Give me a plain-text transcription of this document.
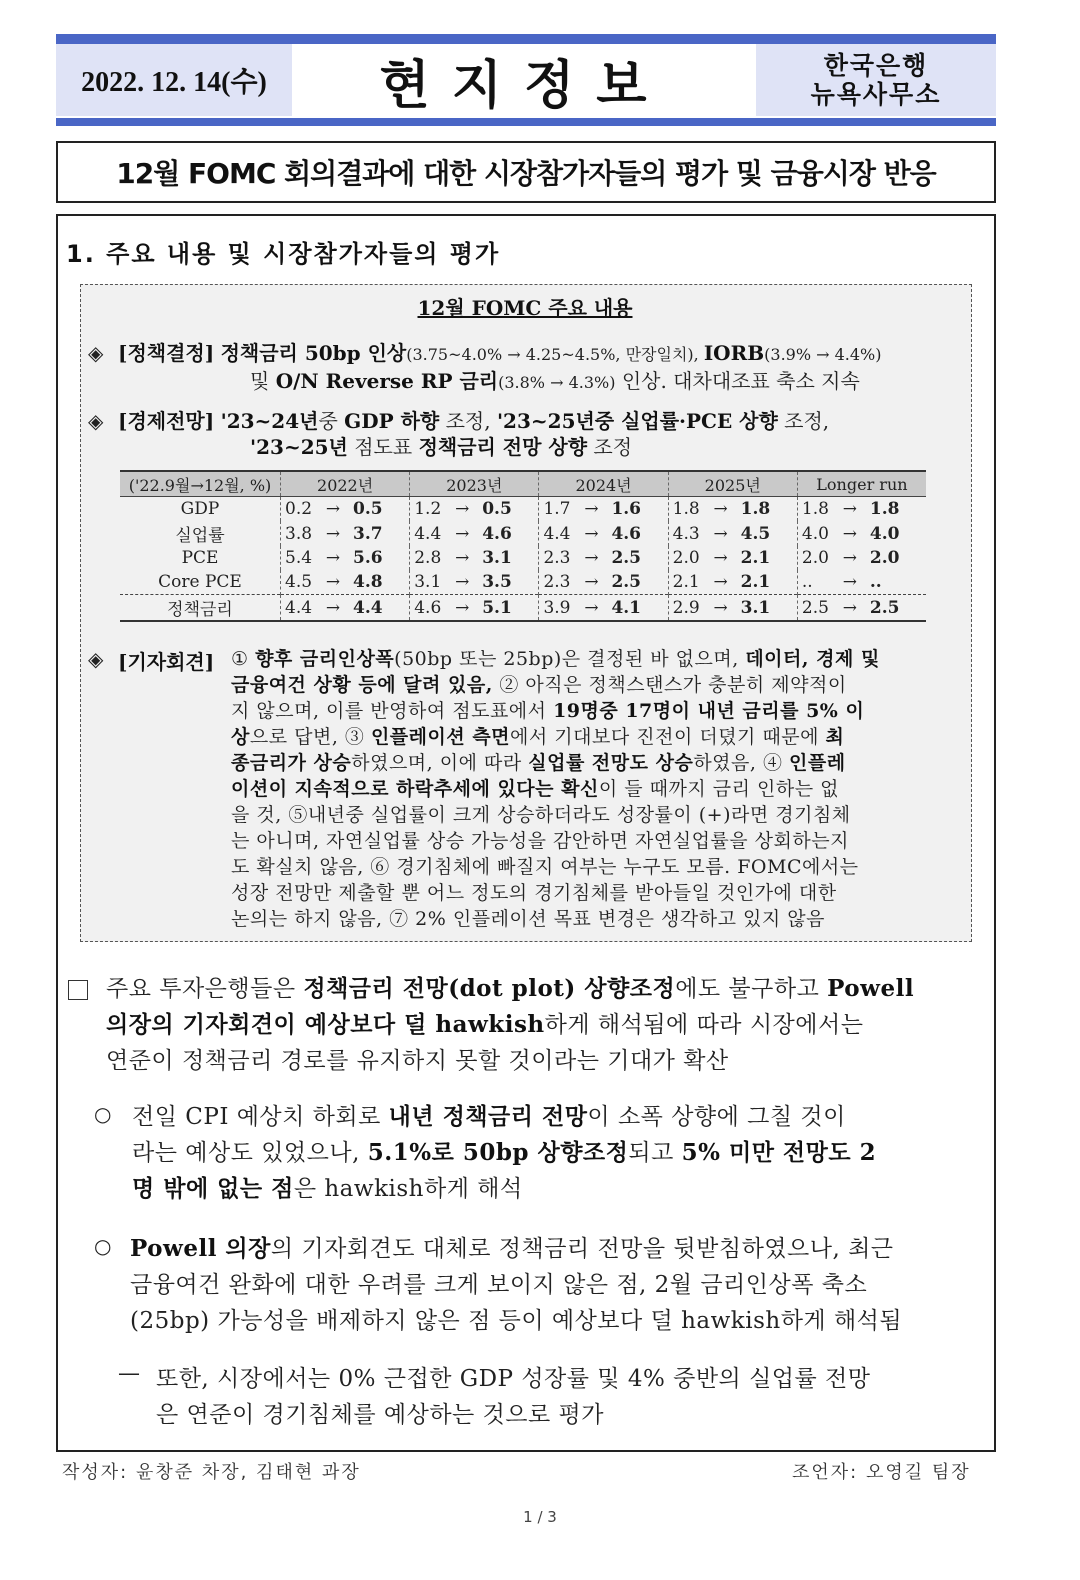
2022. 12. 14(수)	현지정보	한국은행
뉴욕사무소
12월 FOMC 회의결과에 대한 시장참가자들의 평가 및 금융시장 반응
1. 주요 내용 및 시장참가자들의 평가
12월 FOMC 주요 내용
◈ [정책결정] 정책금리 50bp 인상(3.75~4.0% → 4.25~4.5%, 만장일치), IORB(3.9% → 4.4%)
및 O/N Reverse RP 금리(3.8% → 4.3%) 인상. 대차대조표 축소 지속
◈ [경제전망] '23~24년중 GDP 하향 조정, '23~25년중 실업률·PCE 상향 조정,
'23~25년 점도표 정책금리 전망 상향 조정
('22.9월→12월, %)	2022년	2023년	2024년	2025년	Longer run
GDP	0.2 → 0.5	1.2 → 0.5	1.7 → 1.6	1.8 → 1.8	1.8 → 1.8
실업률	3.8 → 3.7	4.4 → 4.6	4.4 → 4.6	4.3 → 4.5	4.0 → 4.0
PCE	5.4 → 5.6	2.8 → 3.1	2.3 → 2.5	2.0 → 2.1	2.0 → 2.0
Core PCE	4.5 → 4.8	3.1 → 3.5	2.3 → 2.5	2.1 → 2.1	.. → ..
정책금리	4.4 → 4.4	4.6 → 5.1	3.9 → 4.1	2.9 → 3.1	2.5 → 2.5
◈ [기자회견] ① 향후 금리인상폭(50bp 또는 25bp)은 결정된 바 없으며, 데이터, 경제 및
금융여건 상황 등에 달려 있음, ② 아직은 정책스탠스가 충분히 제약적이
지 않으며, 이를 반영하여 점도표에서 19명중 17명이 내년 금리를 5% 이
상으로 답변, ③ 인플레이션 측면에서 기대보다 진전이 더뎠기 때문에 최
종금리가 상승하였으며, 이에 따라 실업률 전망도 상승하였음, ④ 인플레
이션이 지속적으로 하락추세에 있다는 확신이 들 때까지 금리 인하는 없
을 것, ⑤내년중 실업률이 크게 상승하더라도 성장률이 (+)라면 경기침체
는 아니며, 자연실업률 상승 가능성을 감안하면 자연실업률을 상회하는지
도 확실치 않음, ⑥ 경기침체에 빠질지 여부는 누구도 모름. FOMC에서는
성장 전망만 제출할 뿐 어느 정도의 경기침체를 받아들일 것인가에 대한
논의는 하지 않음, ⑦ 2% 인플레이션 목표 변경은 생각하고 있지 않음
주요 투자은행들은 정책금리 전망(dot plot) 상향조정에도 불구하고 Powell
의장의 기자회견이 예상보다 덜 hawkish하게 해석됨에 따라 시장에서는
연준이 정책금리 경로를 유지하지 못할 것이라는 기대가 확산
○ 전일 CPI 예상치 하회로 내년 정책금리 전망이 소폭 상향에 그칠 것이
라는 예상도 있었으나, 5.1%로 50bp 상향조정되고 5% 미만 전망도 2
명 밖에 없는 점은 hawkish하게 해석
○ Powell 의장의 기자회견도 대체로 정책금리 전망을 뒷받침하였으나, 최근
금융여건 완화에 대한 우려를 크게 보이지 않은 점, 2월 금리인상폭 축소
(25bp) 가능성을 배제하지 않은 점 등이 예상보다 덜 hawkish하게 해석됨
— 또한, 시장에서는 0% 근접한 GDP 성장률 및 4% 중반의 실업률 전망
은 연준이 경기침체를 예상하는 것으로 평가
작성자: 윤창준 차장, 김태현 과장	조언자: 오영길 팀장
1 / 3
